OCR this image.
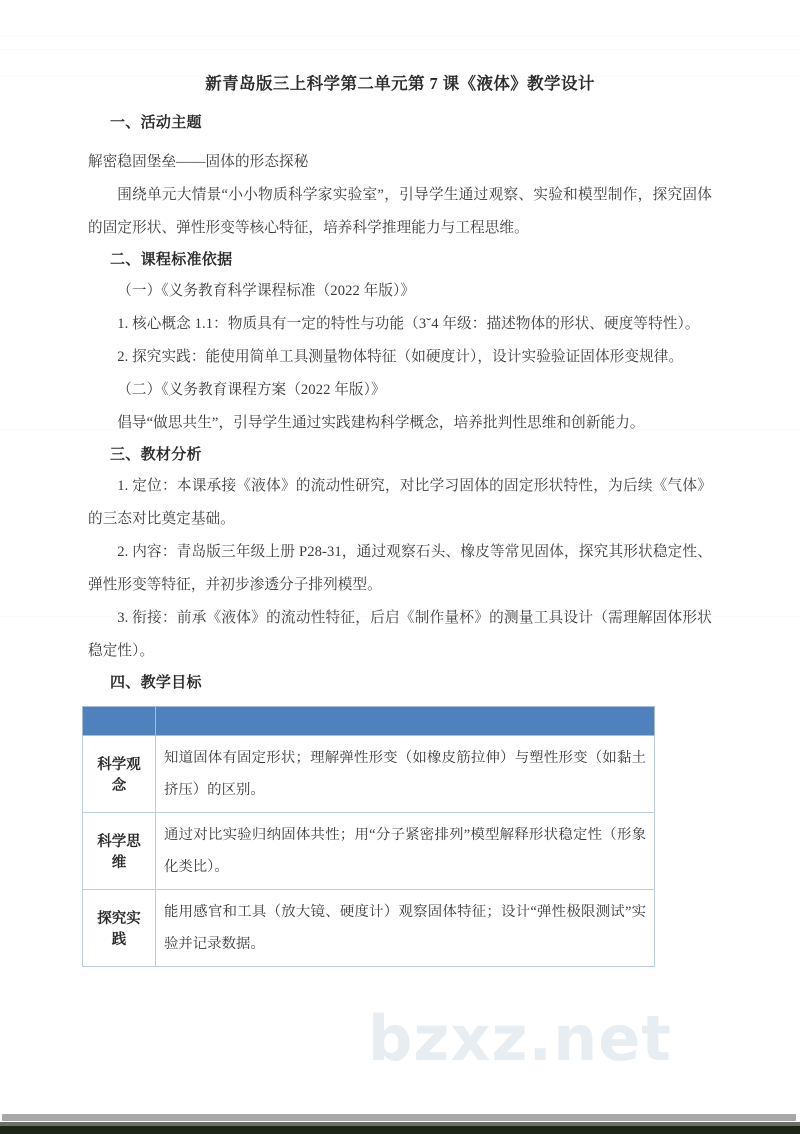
bzxz.net
新青岛版三上科学第二单元第 7 课《液体》教学设计
一、活动主题

解密稳固堡垒——固体的形态探秘

围绕单元大情景“小小物质科学家实验室”，引导学生通过观察、实验和模型制作，探究固体的固定形状、弹性形变等核心特征，培养科学推理能力与工程思维。

二、课程标准依据

（一）《义务教育科学课程标准（2022 年版）》

1. 核心概念 1.1：物质具有一定的特性与功能（3˘4 年级：描述物体的形状、硬度等特性）。

2. 探究实践：能使用简单工具测量物体特征（如硬度计），设计实验验证固体形变规律。

（二）《义务教育课程方案（2022 年版）》

倡导“做思共生”，引导学生通过实践建构科学概念，培养批判性思维和创新能力。

三、教材分析

1. 定位：本课承接《液体》的流动性研究，对比学习固体的固定形状特性，为后续《气体》的三态对比奠定基础。

2. 内容：青岛版三年级上册 P28-31，通过观察石头、橡皮等常见固体，探究其形状稳定性、弹性形变等特征，并初步渗透分子排列模型。

3. 衔接：前承《液体》的流动性特征，后启《制作量杯》的测量工具设计（需理解固体形状稳定性）。

四、教学目标

科学观念	知道固体有固定形状；理解弹性形变（如橡皮筋拉伸）与塑性形变（如黏土挤压）的区别。
科学思维	通过对比实验归纳固体共性；用“分子紧密排列”模型解释形状稳定性（形象化类比）。
探究实践	能用感官和工具（放大镜、硬度计）观察固体特征；设计“弹性极限测试”实验并记录数据。
